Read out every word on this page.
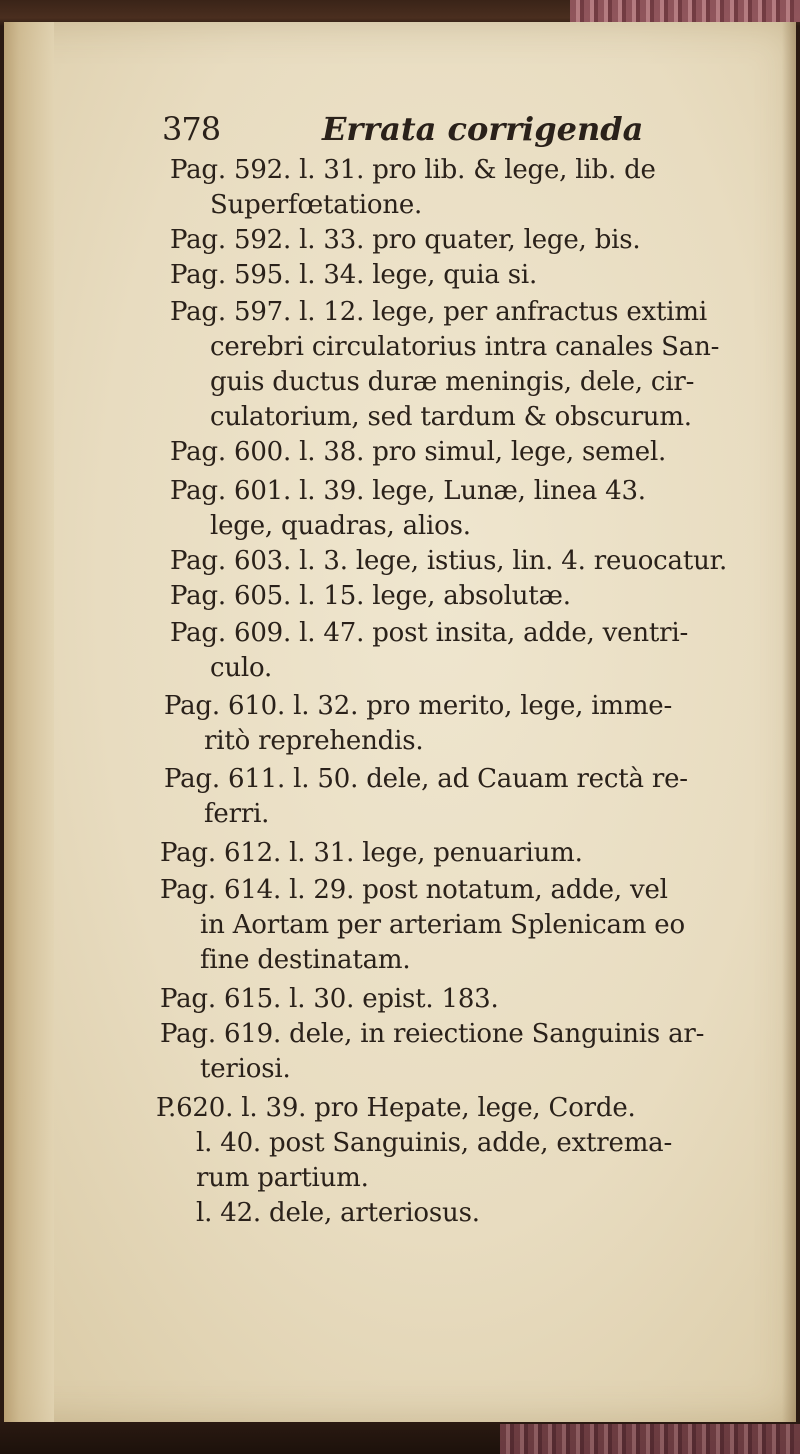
378	Errata corrigenda
Pag. 592. l. 31. pro lib. & lege, lib. de
Superfœtatione.
Pag. 592. l. 33. pro quater, lege, bis.
Pag. 595. l. 34. lege, quia si.
Pag. 597. l. 12. lege, per anfractus extimi
cerebri circulatorius intra canales San-
guis ductus duræ meningis, dele, cir-
culatorium, sed tardum & obscurum.
Pag. 600. l. 38. pro simul, lege, semel.
Pag. 601. l. 39. lege, Lunæ, linea 43.
lege, quadras, alios.
Pag. 603. l. 3. lege, istius, lin. 4. reuocatur.
Pag. 605. l. 15. lege, absolutæ.
Pag. 609. l. 47. post insita, adde, ventri-
culo.
Pag. 610. l. 32. pro merito, lege, imme-
ritò reprehendis.
Pag. 611. l. 50. dele, ad Cauam rectà re-
ferri.
Pag. 612. l. 31. lege, penuarium.
Pag. 614. l. 29. post notatum, adde, vel
in Aortam per arteriam Splenicam eo
fine destinatam.
Pag. 615. l. 30. epist. 183.
Pag. 619. dele, in reiectione Sanguinis ar-
teriosi.
P.620. l. 39. pro Hepate, lege, Corde.
l. 40. post Sanguinis, adde, extrema-
rum partium.
l. 42. dele, arteriosus.
